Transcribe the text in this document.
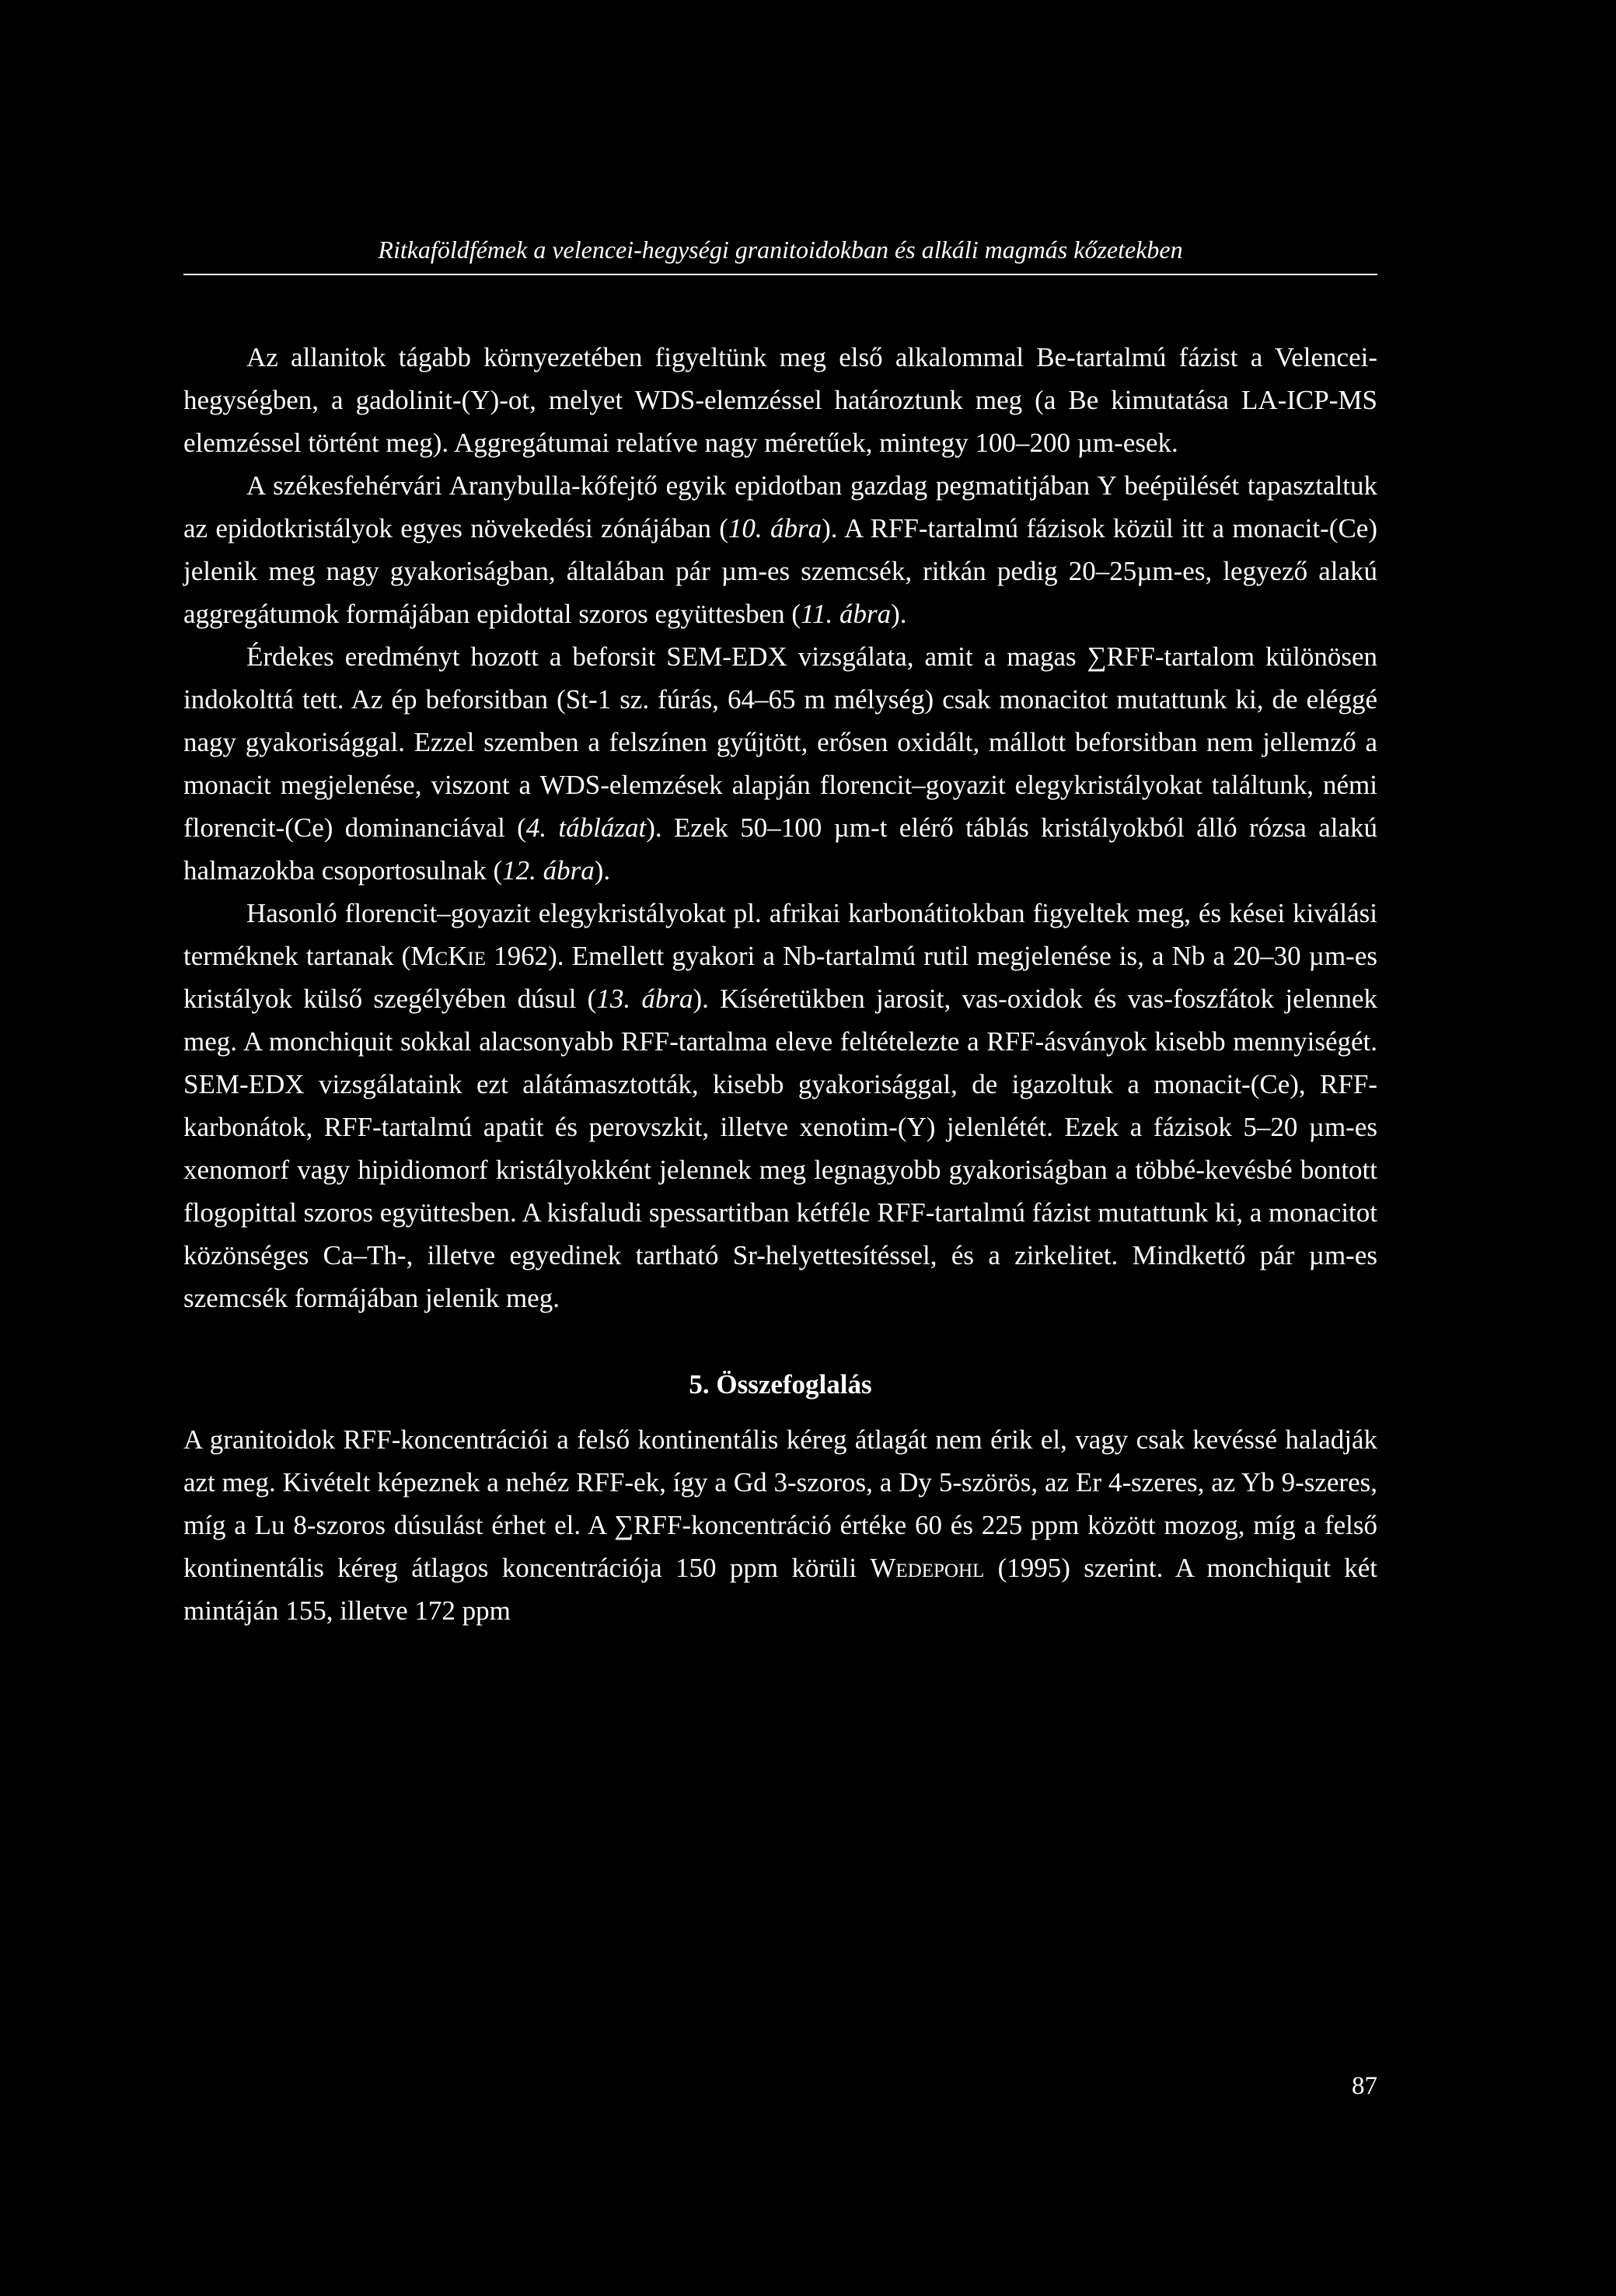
Ritkaföldfémek a velencei-hegységi granitoidokban és alkáli magmás kőzetekben

Az allanitok tágabb környezetében figyeltünk meg első alkalommal Be-tartalmú fázist a Velencei-hegységben, a gadolinit-(Y)-ot, melyet WDS-elemzéssel határoztunk meg (a Be kimutatása LA-ICP-MS elemzéssel történt meg). Aggregátumai relatíve nagy méretűek, mintegy 100–200 µm-esek.

A székesfehérvári Aranybulla-kőfejtő egyik epidotban gazdag pegmatitjában Y beépülését tapasztaltuk az epidotkristályok egyes növekedési zónájában (10. ábra). A RFF-tartalmú fázisok közül itt a monacit-(Ce) jelenik meg nagy gyakoriságban, általában pár µm-es szemcsék, ritkán pedig 20–25µm-es, legyező alakú aggregátumok formájában epidottal szoros együttesben (11. ábra).

Érdekes eredményt hozott a beforsit SEM-EDX vizsgálata, amit a magas ∑RFF-tartalom különösen indokolttá tett. Az ép beforsitban (St-1 sz. fúrás, 64–65 m mélység) csak monacitot mutattunk ki, de eléggé nagy gyakorisággal. Ezzel szemben a felszínen gyűjtött, erősen oxidált, mállott beforsitban nem jellemző a monacit megjelenése, viszont a WDS-elemzések alapján florencit–goyazit elegykristályokat találtunk, némi florencit-(Ce) dominanciával (4. táblázat). Ezek 50–100 µm-t elérő táblás kristályokból álló rózsa alakú halmazokba csoportosulnak (12. ábra).

Hasonló florencit–goyazit elegykristályokat pl. afrikai karbonátitokban figyeltek meg, és kései kiválási terméknek tartanak (McKie 1962). Emellett gyakori a Nb-tartalmú rutil megjelenése is, a Nb a 20–30 µm-es kristályok külső szegélyében dúsul (13. ábra). Kíséretükben jarosit, vas-oxidok és vas-foszfátok jelennek meg. A monchiquit sokkal alacsonyabb RFF-tartalma eleve feltételezte a RFF-ásványok kisebb mennyiségét. SEM-EDX vizsgálataink ezt alátámasztották, kisebb gyakorisággal, de igazoltuk a monacit-(Ce), RFF-karbonátok, RFF-tartalmú apatit és perovszkit, illetve xenotim-(Y) jelenlétét. Ezek a fázisok 5–20 µm-es xenomorf vagy hipidiomorf kristályokként jelennek meg legnagyobb gyakoriságban a többé-kevésbé bontott flogopittal szoros együttesben. A kisfaludi spessartitban kétféle RFF-tartalmú fázist mutattunk ki, a monacitot közönséges Ca–Th-, illetve egyedinek tartható Sr-helyettesítéssel, és a zirkelitet. Mindkettő pár µm-es szemcsék formájában jelenik meg.

5. Összefoglalás

A granitoidok RFF-koncentrációi a felső kontinentális kéreg átlagát nem érik el, vagy csak kevéssé haladják azt meg. Kivételt képeznek a nehéz RFF-ek, így a Gd 3-szoros, a Dy 5-szörös, az Er 4-szeres, az Yb 9-szeres, míg a Lu 8-szoros dúsulást érhet el. A ∑RFF-koncentráció értéke 60 és 225 ppm között mozog, míg a felső kontinentális kéreg átlagos koncentrációja 150 ppm körüli Wedepohl (1995) szerint. A monchiquit két mintáján 155, illetve 172 ppm

87
